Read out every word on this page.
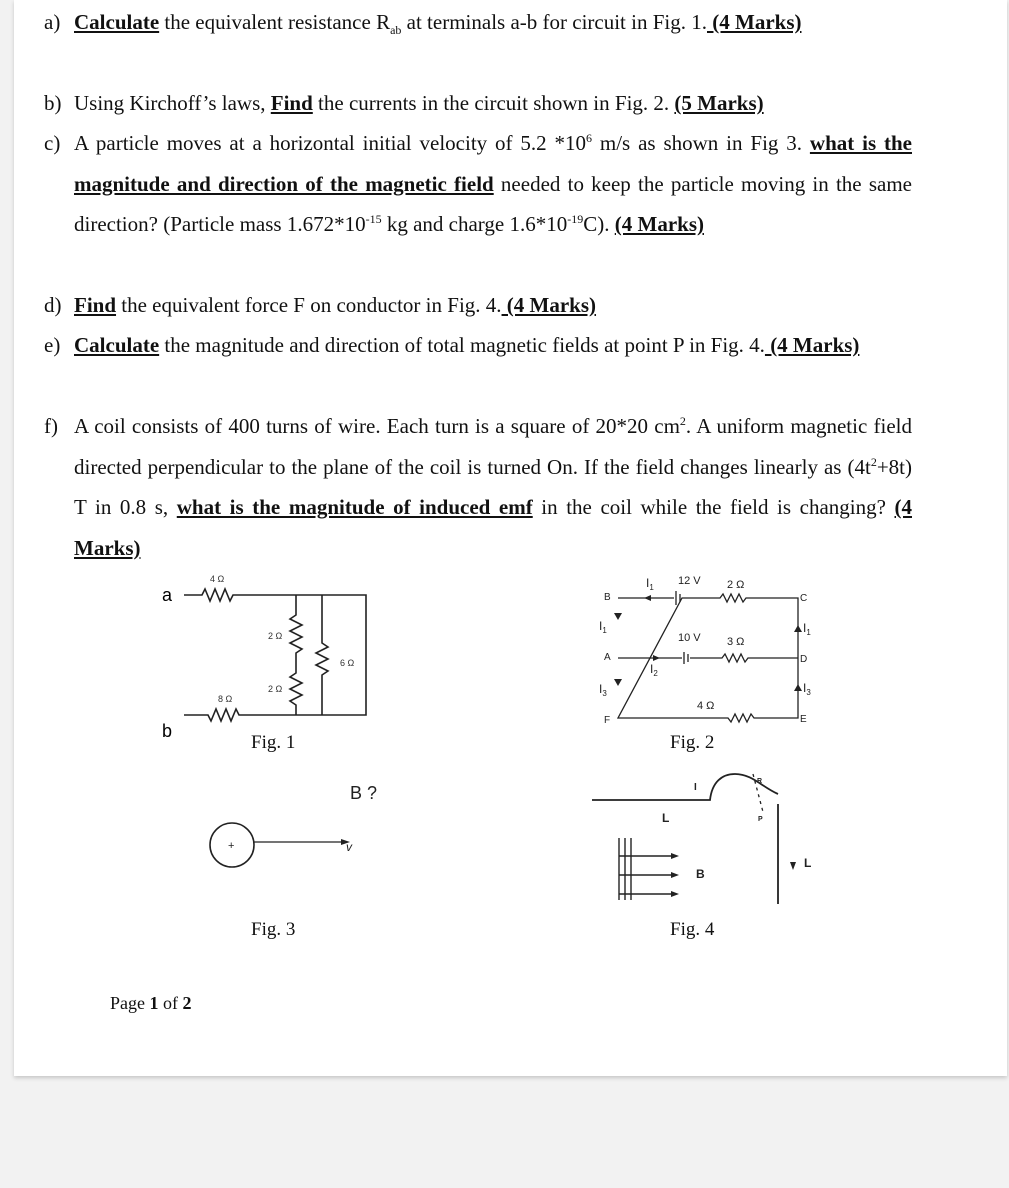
a) Calculate the equivalent resistance $R_{ab}$ at terminals a-b for circuit in Fig. 1. (4 Marks)
b) Using Kirchoff’s laws, Find the currents in the circuit shown in Fig. 2. (5 Marks)
c) A particle moves at a horizontal initial velocity of 5.2 $*10^6$ m/s as shown in Fig 3. what is the magnitude and direction of the magnetic field needed to keep the particle moving in the same direction? (Particle mass $1.672*10^{-15}$ kg and charge $1.6*10^{-19}C$). (4 Marks)
d) Find the equivalent force F on conductor in Fig. 4. (4 Marks)
e) Calculate the magnitude and direction of total magnetic fields at point P in Fig. 4. (4 Marks)
f) A coil consists of 400 turns of wire. Each turn is a square of 20*20 $cm^2$. A uniform magnetic field directed perpendicular to the plane of the coil is turned On. If the field changes linearly as $(4t^2+8t)$ T in 0.8 s, what is the magnitude of induced emf in the coil while the field is changing? (4 Marks)
a
b
4 Ω
2 Ω
2 Ω
6 Ω
8 Ω
Fig. 1
B	C
A	D
F	E
12 V
10 V
2 Ω
3 Ω
4 Ω
$I_1$
$I_1$	$I_1$
$I_2$
$I_3$	$I_3$
Fig. 2
+	v
B ?
Fig. 3
I
R
P
L
L
B
Fig. 4
Page 1 of 2
